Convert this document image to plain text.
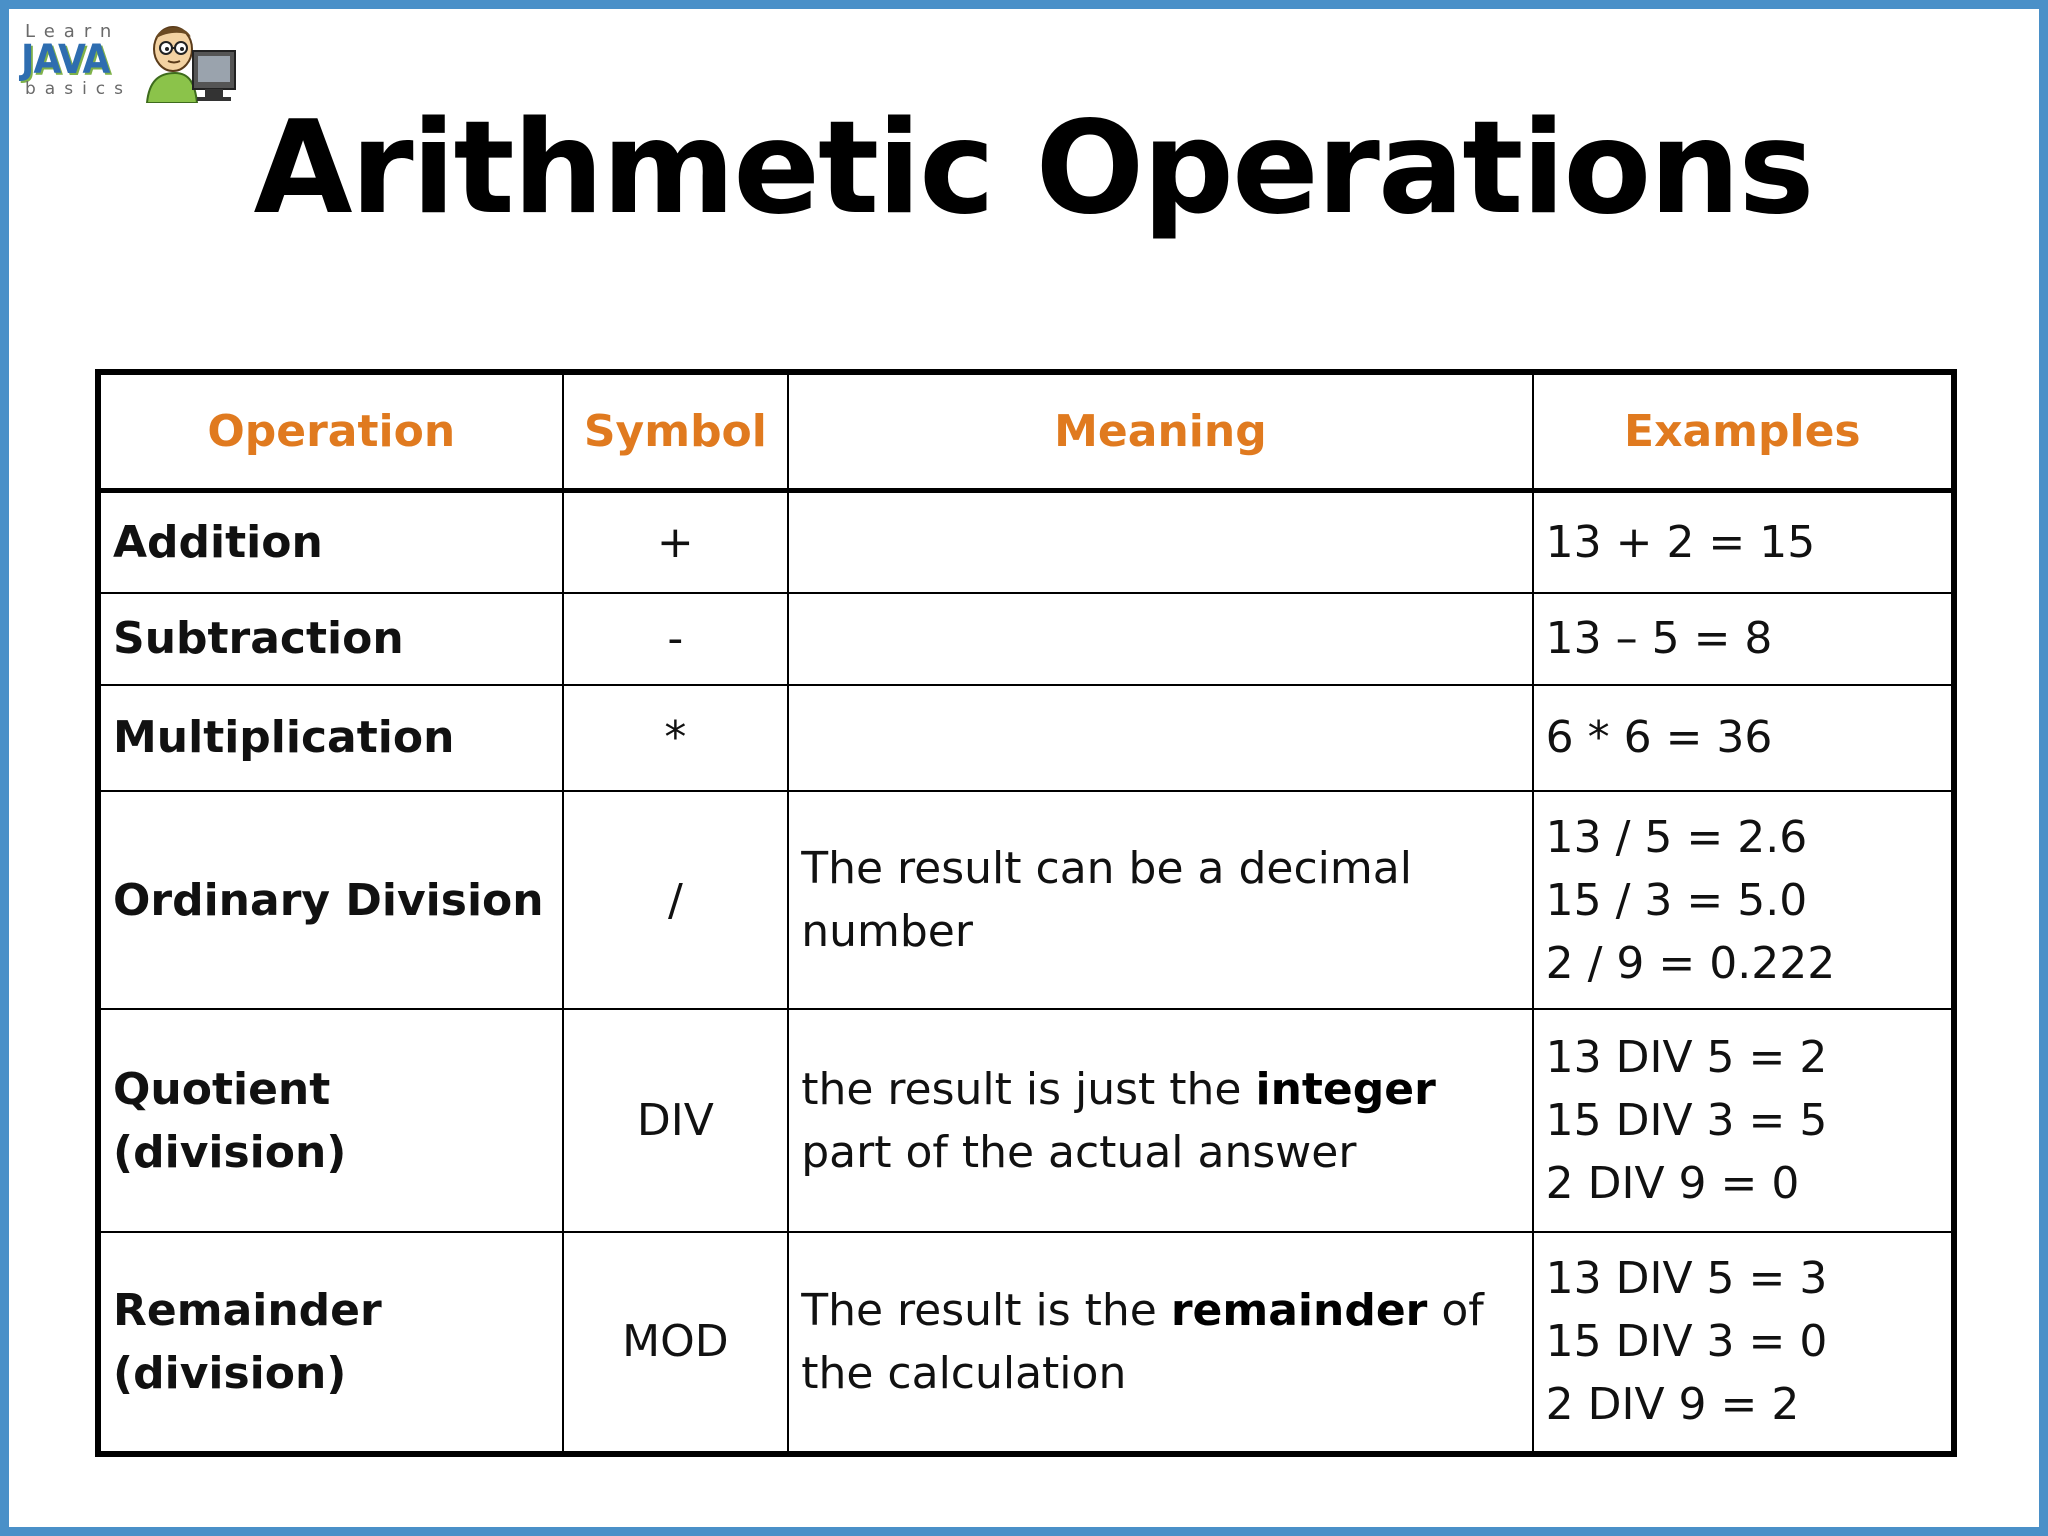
Learn
JAVA
basics
Arithmetic Operations
Operation	Symbol	Meaning	Examples
Addition	+		13 + 2 = 15

Subtraction	-		13 – 5 = 8

Multiplication	*		6 * 6 = 36

Ordinary Division	/	The result can be a decimal number	13 / 5 = 2.6
15 / 3 = 5.0
2 / 9 = 0.222

Quotient (division)	DIV	the result is just the integer part of the actual answer	13 DIV 5 = 2
15 DIV 3 = 5
2 DIV 9 = 0

Remainder (division)	MOD	The result is the remainder of the calculation	13 DIV 5 = 3
15 DIV 3 = 0
2 DIV 9 = 2
